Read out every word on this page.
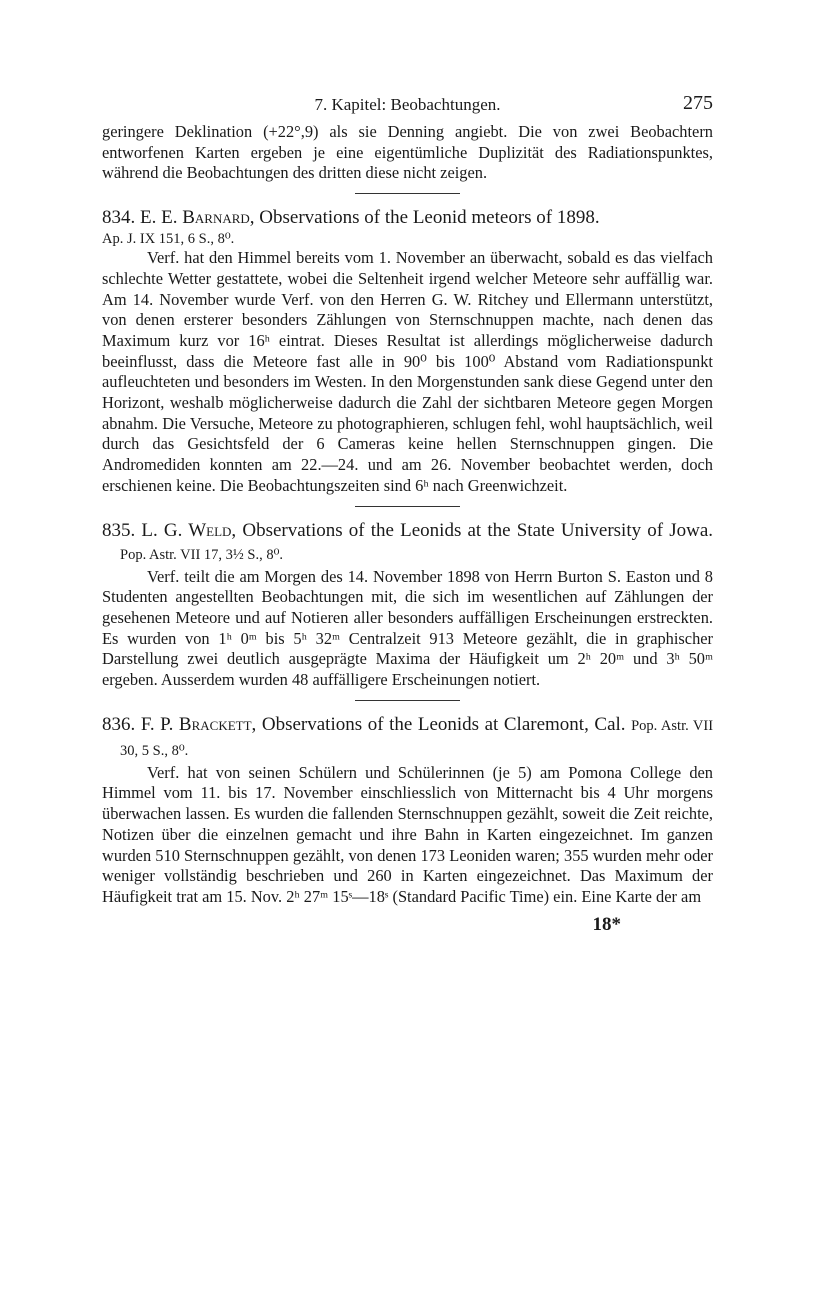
7. Kapitel: Beobachtungen.	275

geringere Deklination (+22°,9) als sie Denning angiebt. Die von zwei Beobachtern entworfenen Karten ergeben je eine eigentümliche Duplizität des Radiationspunktes, während die Beobachtungen des dritten diese nicht zeigen.

834. E. E. Barnard, Observations of the Leonid meteors of 1898.
Ap. J. IX 151, 6 S., 8⁰.

Verf. hat den Himmel bereits vom 1. November an überwacht, sobald es das vielfach schlechte Wetter gestattete, wobei die Seltenheit irgend welcher Meteore sehr auffällig war. Am 14. November wurde Verf. von den Herren G. W. Ritchey und Ellermann unterstützt, von denen ersterer besonders Zählungen von Sternschnuppen machte, nach denen das Maximum kurz vor 16ʰ eintrat. Dieses Resultat ist allerdings möglicherweise dadurch beeinflusst, dass die Meteore fast alle in 90⁰ bis 100⁰ Abstand vom Radiationspunkt aufleuchteten und besonders im Westen. In den Morgenstunden sank diese Gegend unter den Horizont, weshalb möglicherweise dadurch die Zahl der sichtbaren Meteore gegen Morgen abnahm. Die Versuche, Meteore zu photographieren, schlugen fehl, wohl hauptsächlich, weil durch das Gesichtsfeld der 6 Cameras keine hellen Sternschnuppen gingen. Die Andromediden konnten am 22.—24. und am 26. November beobachtet werden, doch erschienen keine. Die Beobachtungszeiten sind 6ʰ nach Greenwichzeit.

835. L. G. Weld, Observations of the Leonids at the State University of Jowa. Pop. Astr. VII 17, 3½ S., 8⁰.

Verf. teilt die am Morgen des 14. November 1898 von Herrn Burton S. Easton und 8 Studenten angestellten Beobachtungen mit, die sich im wesentlichen auf Zählungen der gesehenen Meteore und auf Notieren aller besonders auffälligen Erscheinungen erstreckten. Es wurden von 1ʰ 0ᵐ bis 5ʰ 32ᵐ Centralzeit 913 Meteore gezählt, die in graphischer Darstellung zwei deutlich ausgeprägte Maxima der Häufigkeit um 2ʰ 20ᵐ und 3ʰ 50ᵐ ergeben. Ausserdem wurden 48 auffälligere Erscheinungen notiert.

836. F. P. Brackett, Observations of the Leonids at Claremont, Cal. Pop. Astr. VII 30, 5 S., 8⁰.

Verf. hat von seinen Schülern und Schülerinnen (je 5) am Pomona College den Himmel vom 11. bis 17. November einschliesslich von Mitternacht bis 4 Uhr morgens überwachen lassen. Es wurden die fallenden Sternschnuppen gezählt, soweit die Zeit reichte, Notizen über die einzelnen gemacht und ihre Bahn in Karten eingezeichnet. Im ganzen wurden 510 Sternschnuppen gezählt, von denen 173 Leoniden waren; 355 wurden mehr oder weniger vollständig beschrieben und 260 in Karten eingezeichnet. Das Maximum der Häufigkeit trat am 15. Nov. 2ʰ 27ᵐ 15ˢ—18ˢ (Standard Pacific Time) ein. Eine Karte der am

18*
